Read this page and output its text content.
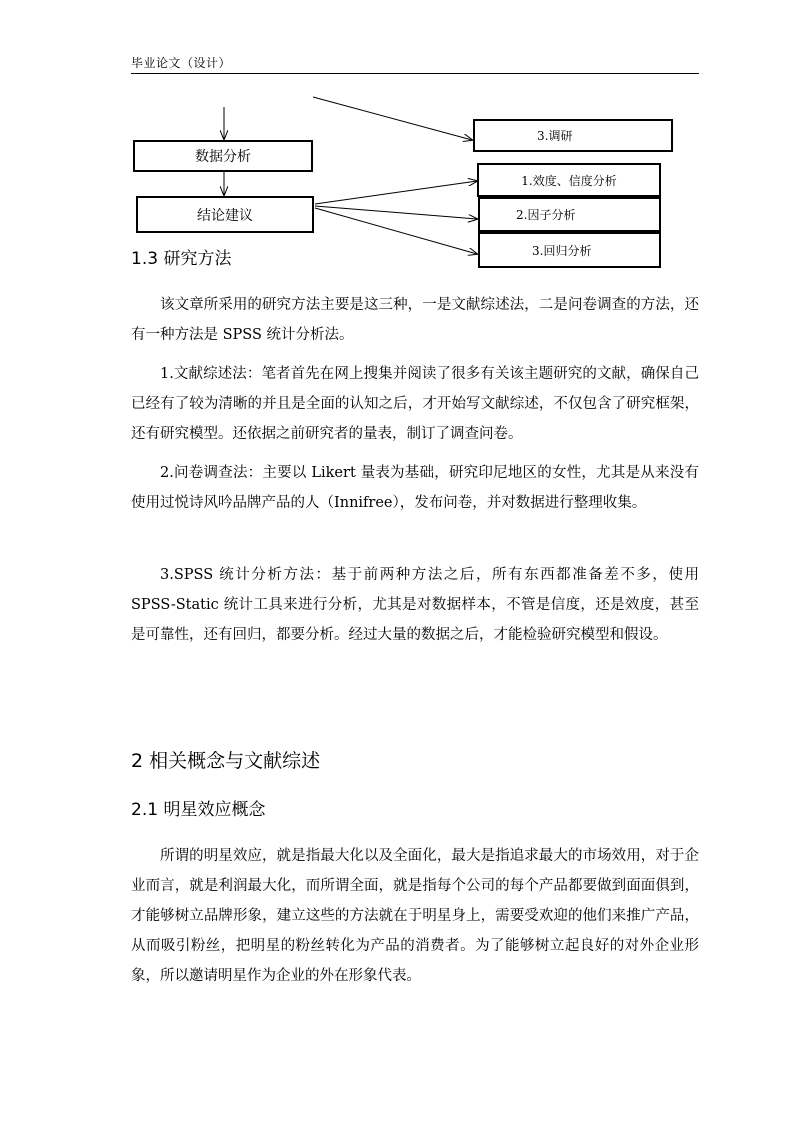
毕业论文（设计）
数据分析
结论建议
3.调研
1.效度、信度分析
2.因子分析
3.回归分析
1.3 研究方法
该文章所采用的研究方法主要是这三种，一是文献综述法，二是问卷调查的方法，还有一种方法是 SPSS 统计分析法。
1.文献综述法：笔者首先在网上搜集并阅读了很多有关该主题研究的文献，确保自己已经有了较为清晰的并且是全面的认知之后，才开始写文献综述，不仅包含了研究框架，还有研究模型。还依据之前研究者的量表，制订了调查问卷。
2.问卷调查法：主要以 Likert 量表为基础，研究印尼地区的女性，尤其是从来没有使用过悦诗风吟品牌产品的人（Innifree），发布问卷，并对数据进行整理收集。
3.SPSS 统计分析方法：基于前两种方法之后，所有东西都准备差不多，使用 SPSS-Static 统计工具来进行分析，尤其是对数据样本，不管是信度，还是效度，甚至是可靠性，还有回归，都要分析。经过大量的数据之后，才能检验研究模型和假设。
2 相关概念与文献综述
2.1 明星效应概念
所谓的明星效应，就是指最大化以及全面化，最大是指追求最大的市场效用，对于企业而言，就是利润最大化，而所谓全面，就是指每个公司的每个产品都要做到面面俱到，才能够树立品牌形象，建立这些的方法就在于明星身上，需要受欢迎的他们来推广产品，从而吸引粉丝，把明星的粉丝转化为产品的消费者。为了能够树立起良好的对外企业形象，所以邀请明星作为企业的外在形象代表。
